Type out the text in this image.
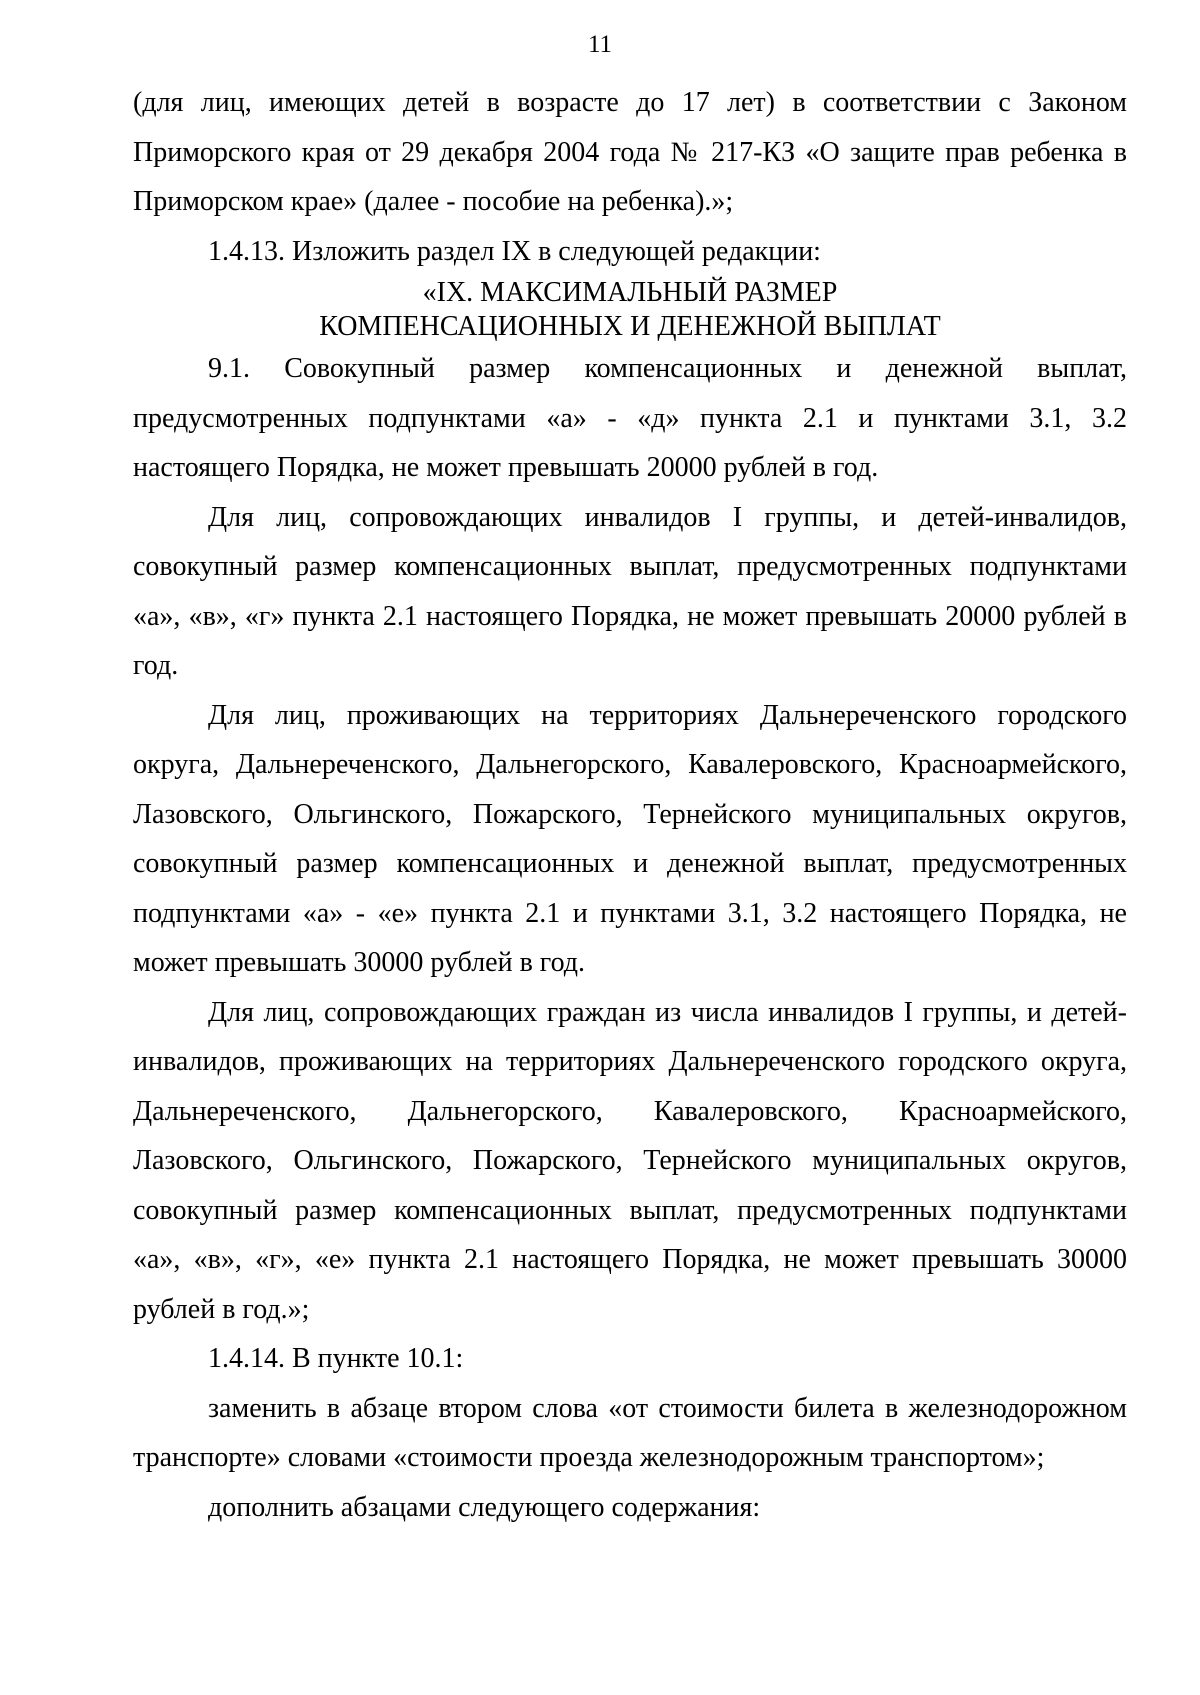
11

(для лиц, имеющих детей в возрасте до 17 лет) в соответствии с Законом Приморского края от 29 декабря 2004 года № 217-КЗ «О защите прав ребенка в Приморском крае» (далее - пособие на ребенка).»;

1.4.13. Изложить раздел IX в следующей редакции:

«IX. МАКСИМАЛЬНЫЙ РАЗМЕР
КОМПЕНСАЦИОННЫХ И ДЕНЕЖНОЙ ВЫПЛАТ

9.1. Совокупный размер компенсационных и денежной выплат, предусмотренных подпунктами «а» - «д» пункта 2.1 и пунктами 3.1, 3.2 настоящего Порядка, не может превышать 20000 рублей в год.

Для лиц, сопровождающих инвалидов I группы, и детей-инвалидов, совокупный размер компенсационных выплат, предусмотренных подпунктами «а», «в», «г» пункта 2.1 настоящего Порядка, не может превышать 20000 рублей в год.

Для лиц, проживающих на территориях Дальнереченского городского округа, Дальнереченского, Дальнегорского, Кавалеровского, Красноармейского, Лазовского, Ольгинского, Пожарского, Тернейского муниципальных округов, совокупный размер компенсационных и денежной выплат, предусмотренных подпунктами «а» - «е» пункта 2.1 и пунктами 3.1, 3.2 настоящего Порядка, не может превышать 30000 рублей в год.

Для лиц, сопровождающих граждан из числа инвалидов I группы, и детей-инвалидов, проживающих на территориях Дальнереченского городского округа, Дальнереченского, Дальнегорского, Кавалеровского, Красноармейского, Лазовского, Ольгинского, Пожарского, Тернейского муниципальных округов, совокупный размер компенсационных выплат, предусмотренных подпунктами «а», «в», «г», «е» пункта 2.1 настоящего Порядка, не может превышать 30000 рублей в год.»;

1.4.14. В пункте 10.1:

заменить в абзаце втором слова «от стоимости билета в железнодорожном транспорте» словами «стоимости проезда железнодорожным транспортом»;

дополнить абзацами следующего содержания:
